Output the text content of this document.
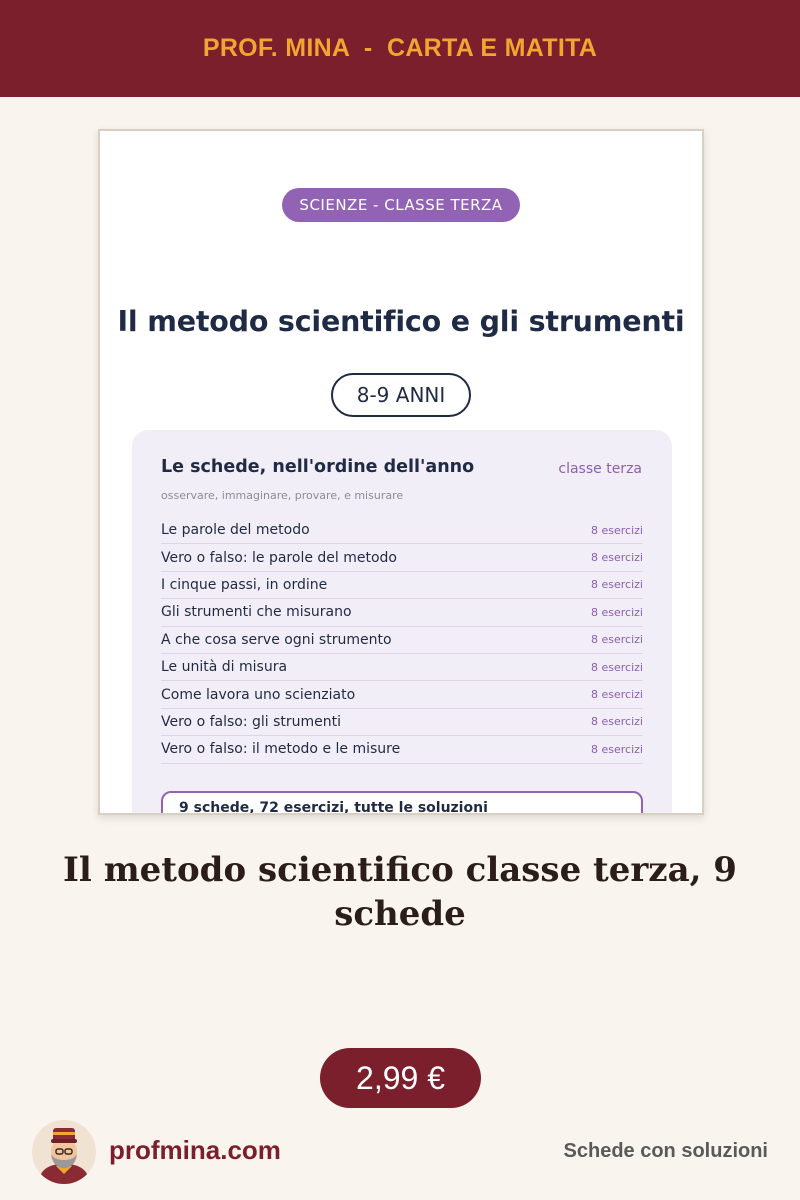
PROF. MINA  -  CARTA E MATITA
SCIENZE - CLASSE TERZA
Il metodo scientifico e gli strumenti
8-9 ANNI
Le schede, nell'ordine dell'anno	classe terza

osservare, immaginare, provare, e misurare

Le parole del metodo	8 esercizi
Vero o falso: le parole del metodo	8 esercizi
I cinque passi, in ordine	8 esercizi
Gli strumenti che misurano	8 esercizi
A che cosa serve ogni strumento	8 esercizi
Le unità di misura	8 esercizi
Come lavora uno scienziato	8 esercizi
Vero o falso: gli strumenti	8 esercizi
Vero o falso: il metodo e le misure	8 esercizi
9 schede, 72 esercizi, tutte le soluzioni
Il metodo scientifico classe terza, 9 schede
2,99 €
profmina.com	Schede con soluzioni
